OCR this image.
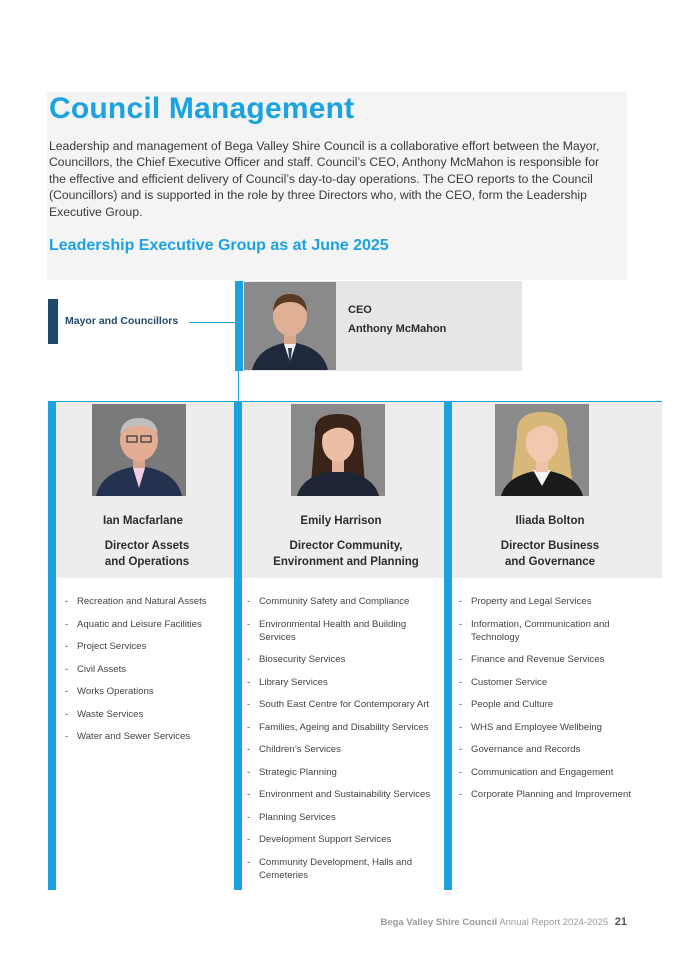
Council Management

Leadership and management of Bega Valley Shire Council is a collaborative effort between the Mayor, Councillors, the Chief Executive Officer and staff. Council’s CEO, Anthony McMahon is responsible for the effective and efficient delivery of Council’s day-to-day operations. The CEO reports to the Council (Councillors) and is supported in the role by three Directors who, with the CEO, form the Leadership Executive Group.

Leadership Executive Group as at June 2025
Mayor and Councillors
CEO
Anthony McMahon
Ian Macfarlane
Director Assets
and Operations
- Recreation and Natural Assets
- Aquatic and Leisure Facilities
- Project Services
- Civil Assets
- Works Operations
- Waste Services
- Water and Sewer Services
Emily Harrison
Director Community,
Environment and Planning
- Community Safety and Compliance
- Environmental Health and Building Services
- Biosecurity Services
- Library Services
- South East Centre for Contemporary Art
- Families, Ageing and Disability Services
- Children’s Services
- Strategic Planning
- Environment and Sustainability Services
- Planning Services
- Development Support Services
- Community Development, Halls and Cemeteries
Iliada Bolton
Director Business
and Governance
- Property and Legal Services
- Information, Communication and Technology
- Finance and Revenue Services
- Customer Service
- People and Culture
- WHS and Employee Wellbeing
- Governance and Records
- Communication and Engagement
- Corporate Planning and Improvement
Bega Valley Shire Council Annual Report 2024-2025 21
